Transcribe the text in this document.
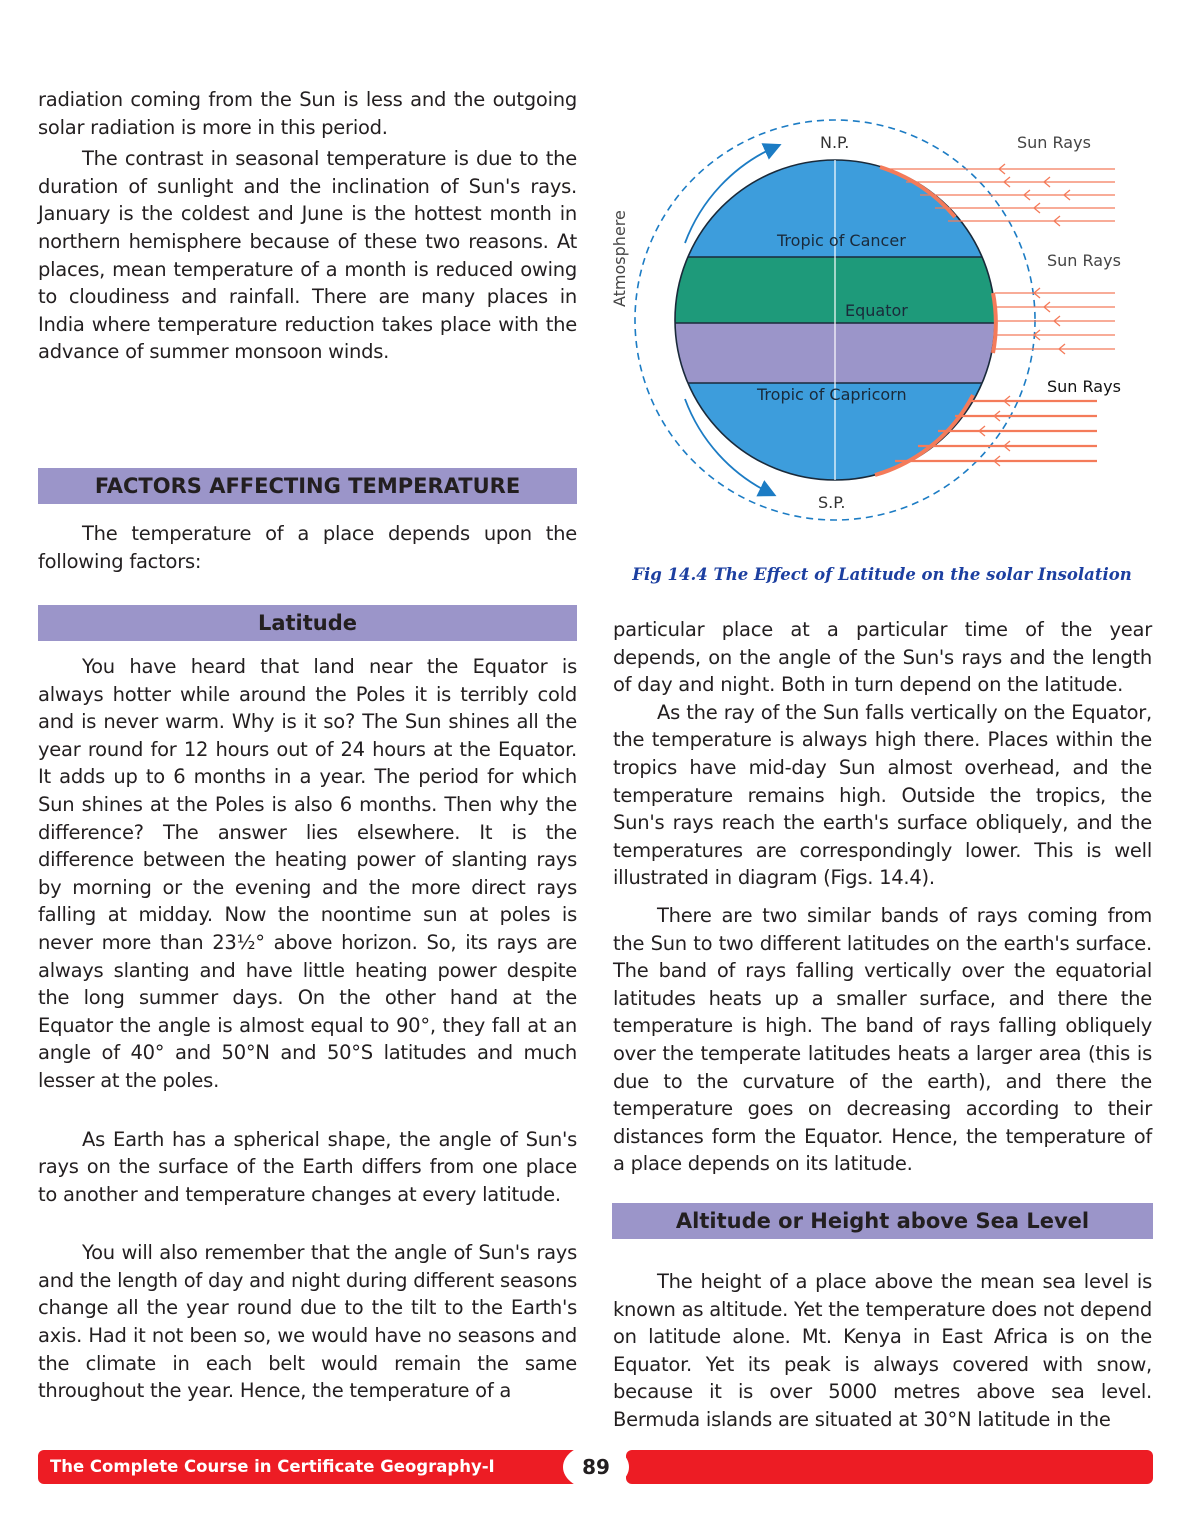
radiation coming from the Sun is less and the outgoing solar radiation is more in this period.

The contrast in seasonal temperature is due to the duration of sunlight and the inclination of Sun's rays. January is the coldest and June is the hottest month in northern hemisphere because of these two reasons. At places, mean temperature of a month is reduced owing to cloudiness and rainfall. There are many places in India where temperature reduction takes place with the advance of summer monsoon winds.

FACTORS AFFECTING TEMPERATURE

The temperature of a place depends upon the following factors:

Latitude

You have heard that land near the Equator is always hotter while around the Poles it is terribly cold and is never warm. Why is it so? The Sun shines all the year round for 12 hours out of 24 hours at the Equator. It adds up to 6 months in a year. The period for which Sun shines at the Poles is also 6 months. Then why the difference? The answer lies elsewhere. It is the difference between the heating power of slanting rays by morning or the evening and the more direct rays falling at midday. Now the noontime sun at poles is never more than 23½° above horizon. So, its rays are always slanting and have little heating power despite the long summer days. On the other hand at the Equator the angle is almost equal to 90°, they fall at an angle of 40° and 50°N and 50°S latitudes and much lesser at the poles.

As Earth has a spherical shape, the angle of Sun's rays on the surface of the Earth differs from one place to another and temperature changes at every latitude.

You will also remember that the angle of Sun's rays and the length of day and night during different seasons change all the year round due to the tilt to the Earth's axis. Had it not been so, we would have no seasons and the climate in each belt would remain the same throughout the year. Hence, the temperature of a

N.P.
S.P.
Atmosphere	Tropic of Cancer
Equator
Tropic of Capricorn
Sun Rays
Sun Rays
Sun Rays
Fig 14.4 The Effect of Latitude on the solar Insolation

particular place at a particular time of the year depends, on the angle of the Sun's rays and the length of day and night. Both in turn depend on the latitude.

As the ray of the Sun falls vertically on the Equator, the temperature is always high there. Places within the tropics have mid-day Sun almost overhead, and the temperature remains high. Outside the tropics, the Sun's rays reach the earth's surface obliquely, and the temperatures are correspondingly lower. This is well illustrated in diagram (Figs. 14.4).

There are two similar bands of rays coming from the Sun to two different latitudes on the earth's surface. The band of rays falling vertically over the equatorial latitudes heats up a smaller surface, and there the temperature is high. The band of rays falling obliquely over the temperate latitudes heats a larger area (this is due to the curvature of the earth), and there the temperature goes on decreasing according to their distances form the Equator. Hence, the temperature of a place depends on its latitude.

Altitude or Height above Sea Level

The height of a place above the mean sea level is known as altitude. Yet the temperature does not depend on latitude alone. Mt. Kenya in East Africa is on the Equator. Yet its peak is always covered with snow, because it is over 5000 metres above sea level. Bermuda islands are situated at 30°N latitude in the

The Complete Course in Certificate Geography-I	89
